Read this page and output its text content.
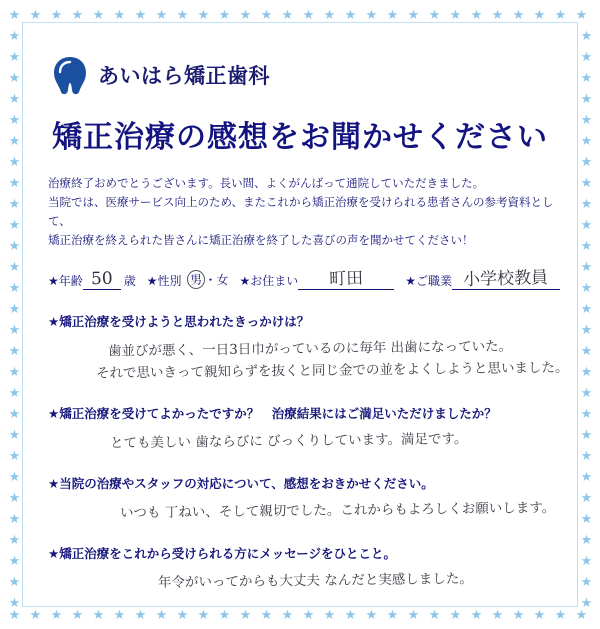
★
★
★
★
★
★
★
★
★
★
★
★
★
★
★
★
★
★
★
★
★
★
★
★
★
★
★
★
★
★
★
★
★
★
★
★
★
★
★
★
★
★
★
★
★
★
★
★
★
★
★
★
★
★
★
★
★	★
★	★
★	★
★	★
★	★
★	★
★	★
★	★
★	★
★	★
★	★
★	★
★	★
★	★
★	★
★	★
★	★
★	★
★	★
★	★
★	★
★	★
★	★
★	★
★	★
★	★
★	★
★	★
あいはら矯正歯科
矯正治療の感想をお聞かせください
治療終了おめでとうございます。長い間、よくがんばって通院していただきました。
当院では、医療サービス向上のため、またこれから矯正治療を受けられる患者さんの参考資料として、
矯正治療を終えられた皆さんに矯正治療を終了した喜びの声を聞かせてください！
★年齢 50 歳 ★性別 男 ・女 ★お住まい	町田	★ご職業 小学校教員
★矯正治療を受けようと思われたきっかけは？
歯並びが悪く、一日3日巾がっているのに毎年 出歯になっていた。
それで思いきって親知らずを抜くと同じ金での並をよくしようと思いました。
★矯正治療を受けてよかったですか？　治療結果にはご満足いただけましたか？
とても美しい 歯ならびに びっくりしています。満足です。
★当院の治療やスタッフの対応について、感想をおきかせください。
いつも 丁ねい、そして親切でした。これからもよろしくお願いします。
★矯正治療をこれから受けられる方にメッセージをひとこと。
年令がいってからも大丈夫 なんだと実感しました。
